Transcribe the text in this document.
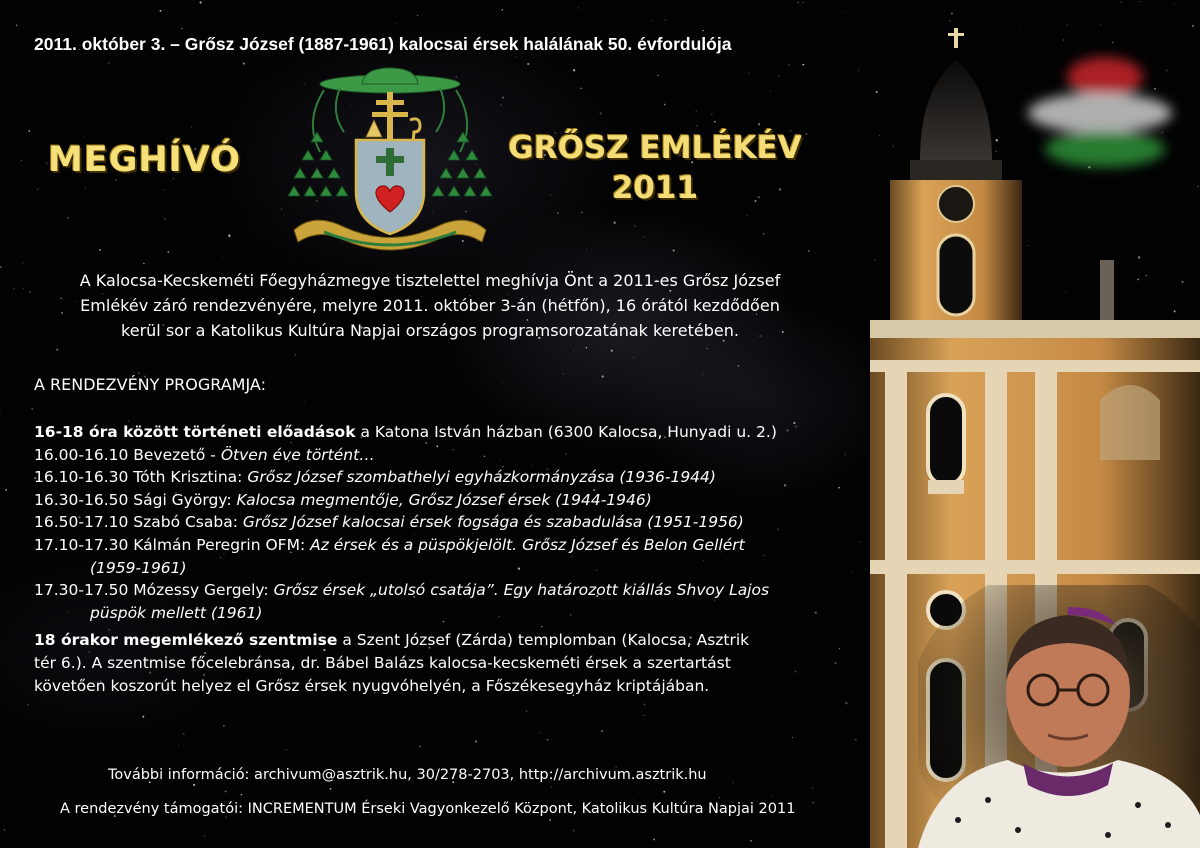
2011. október 3. – Grősz József (1887-1961) kalocsai érsek halálának 50. évfordulója
MEGHÍVÓ	GRŐSZ EMLÉKÉV
2011
A Kalocsa-Kecskeméti Főegyházmegye tisztelettel meghívja Önt a 2011-es Grősz József
Emlékév záró rendezvényére, melyre 2011. október 3-án (hétfőn), 16 órától kezdődően
kerül sor a Katolikus Kultúra Napjai országos programsorozatának keretében.
A RENDEZVÉNY PROGRAMJA:
16-18 óra között történeti előadások a Katona István házban (6300 Kalocsa, Hunyadi u. 2.)
16.00-16.10 Bevezető - Ötven éve történt…
16.10-16.30 Tóth Krisztina: Grősz József szombathelyi egyházkormányzása (1936-1944)
16.30-16.50 Sági György: Kalocsa megmentője, Grősz József érsek (1944-1946)
16.50-17.10 Szabó Csaba: Grősz József kalocsai érsek fogsága és szabadulása (1951-1956)
17.10-17.30 Kálmán Peregrin OFM: Az érsek és a püspökjelölt. Grősz József és Belon Gellért
(1959-1961)
17.30-17.50 Mózessy Gergely: Grősz érsek „utolsó csatája”. Egy határozott kiállás Shvoy Lajos
püspök mellett (1961)
18 órakor megemlékező szentmise a Szent József (Zárda) templomban (Kalocsa, Asztrik
tér 6.). A szentmise főcelebránsa, dr. Bábel Balázs kalocsa-kecskeméti érsek a szertartást
követően koszorút helyez el Grősz érsek nyugvóhelyén, a Főszékesegyház kriptájában.
További információ: archivum@asztrik.hu, 30/278-2703, http://archivum.asztrik.hu
A rendezvény támogatói: INCREMENTUM Érseki Vagyonkezelő Központ, Katolikus Kultúra Napjai 2011
